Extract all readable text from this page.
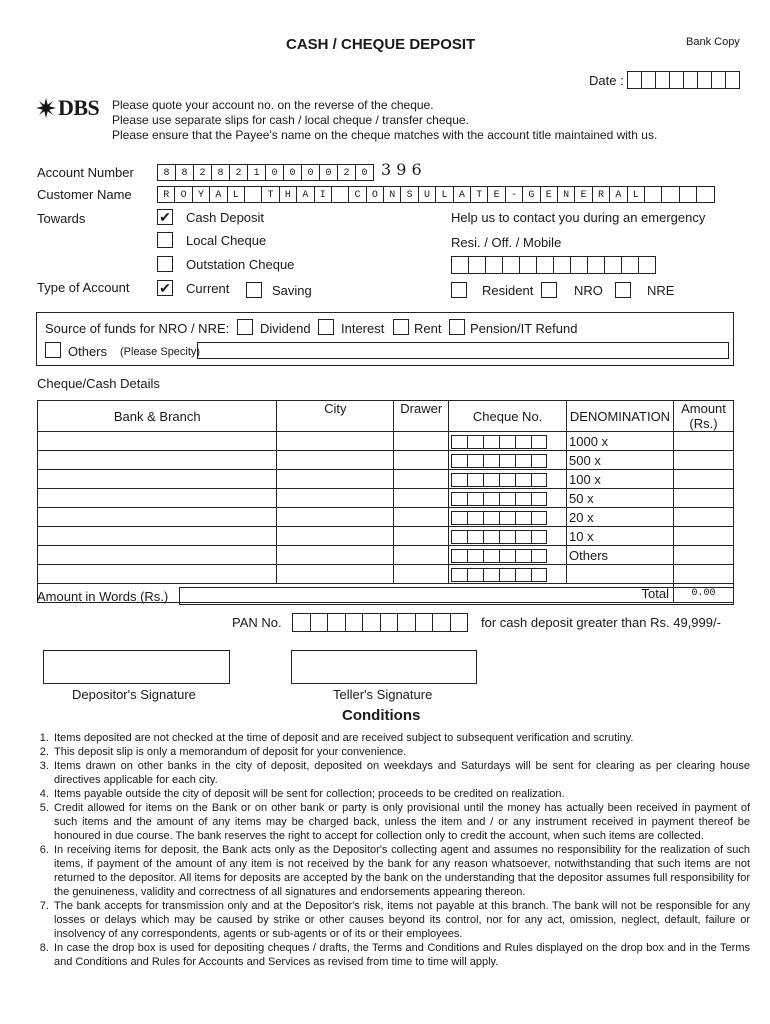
CASH / CHEQUE DEPOSIT	Bank Copy
Date :
DBS Please quote your account no. on the reverse of the cheque.
Please use separate slips for cash / local cheque / transfer cheque.
Please ensure that the Payee's name on the cheque matches with the account title maintained with us.
Account Number	8	8	2	8	2	1	0	0	0	0	2	0 3 9 6
Customer Name	R	O	Y	A	L	T	H	A	I	C	O	N	S	U	L	A	T	E	-	G	E	N	E	R	A	L
Towards	✔ Cash Deposit
Local Cheque
Outstation Cheque
Help us to contact you during an emergency
Resi. / Off. / Mobile
Type of Account ✔ Current	Saving	Resident	NRO	NRE
Source of funds for NRO / NRE: Dividend Interest Rent Pension/IT Refund
Others (Please Specity)
Cheque/Cash Details
Bank & Branch	City	Drawer	Cheque No.	DENOMINATION	Amount (Rs.)
				1000 x	
				500 x	
				100 x	
				50 x	
				20 x	
				10 x	
				Others	

Total					0.00
Amount in Words (Rs.)
PAN No.	for cash deposit greater than Rs. 49,999/-
Depositor's Signature	Teller's Signature
Conditions
1. Items deposited are not checked at the time of deposit and are received subject to subsequent verification and scrutiny.
2. This deposit slip is only a memorandum of deposit for your convenience.
3. Items drawn on other banks in the city of deposit, deposited on weekdays and Saturdays will be sent for clearing as per clearing house directives applicable for each city.
4. Items payable outside the city of deposit will be sent for collection; proceeds to be credited on realization.
5. Credit allowed for items on the Bank or on other bank or party is only provisional until the money has actually been received in payment of such items and the amount of any items may be charged back, unless the item and / or any instrument received in payment thereof be honoured in due course. The bank reserves the right to accept for collection only to credit the account, when such items are collected.
6. In receiving items for deposit, the Bank acts only as the Depositor's collecting agent and assumes no responsibility for the realization of such items, if payment of the amount of any item is not received by the bank for any reason whatsoever, notwithstanding that such items are not returned to the depositor. All items for deposits are accepted by the bank on the understanding that the depositor assumes full responsibility for the genuineness, validity and correctness of all signatures and endorsements appearing thereon.
7. The bank accepts for transmission only and at the Depositor's risk, items not payable at this branch. The bank will not be responsible for any losses or delays which may be caused by strike or other causes beyond its control, nor for any act, omission, neglect, default, failure or insolvency of any correspondents, agents or sub-agents or of its or their employees.
8. In case the drop box is used for depositing cheques / drafts, the Terms and Conditions and Rules displayed on the drop box and in the Terms and Conditions and Rules for Accounts and Services as revised from time to time will apply.
